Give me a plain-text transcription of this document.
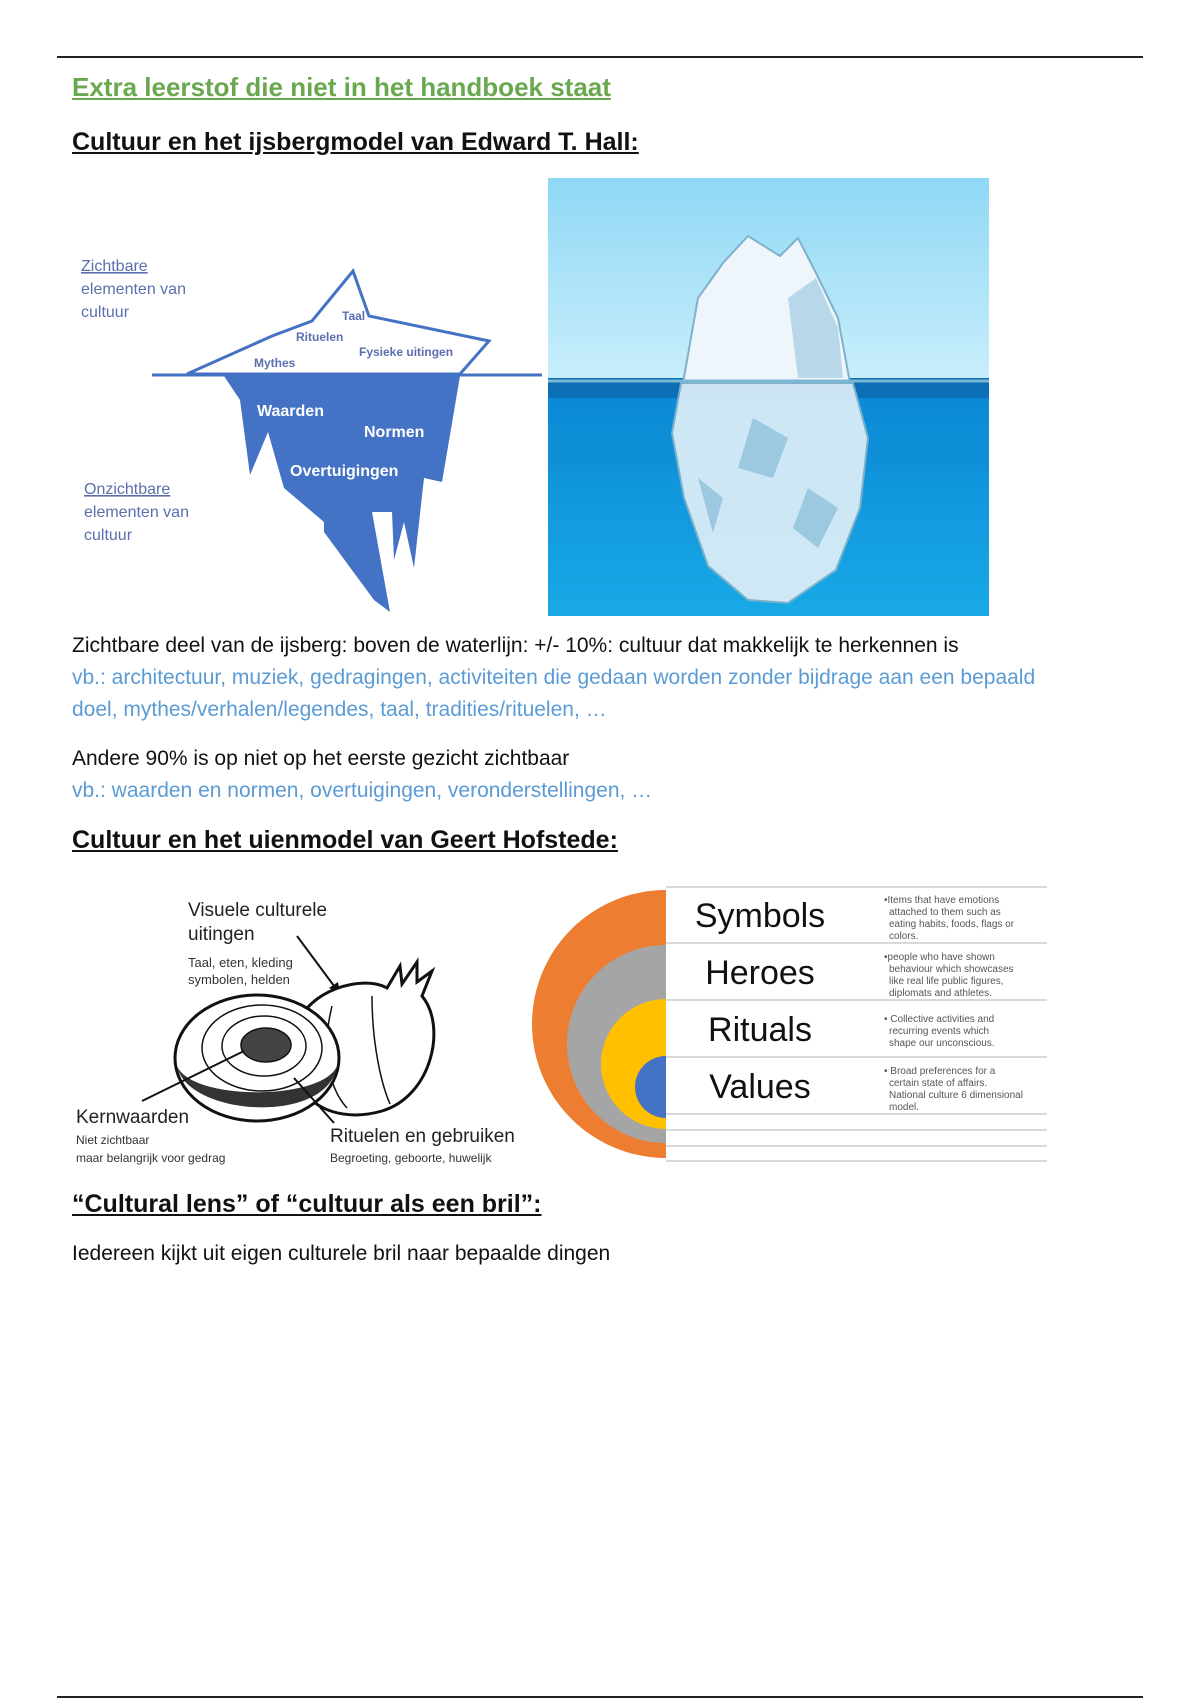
Extra leerstof die niet in het handboek staat
Cultuur en het ijsbergmodel van Edward T. Hall:
Zichtbare
elementen van
cultuur	Taal
Rituelen
Fysieke uitingen
Mythes
Waarden
Normen
Overtuigingen
Onzichtbare
elementen van
cultuur
Zichtbare deel van de ijsberg: boven de waterlijn: +/- 10%: cultuur dat makkelijk te herkennen is
vb.: architectuur, muziek, gedragingen, activiteiten die gedaan worden zonder bijdrage aan een bepaald
doel, mythes/verhalen/legendes, taal, tradities/rituelen, …
Andere 90% is op niet op het eerste gezicht zichtbaar
vb.: waarden en normen, overtuigingen, veronderstellingen, …
Cultuur en het uienmodel van Geert Hofstede:
Visuele culturele
uitingen
Taal, eten, kleding
symbolen, helden
Kernwaarden
Niet zichtbaar
maar belangrijk voor gedrag
Rituelen en gebruiken
Begroeting, geboorte, huwelijk
Symbols	•Items that have emotions
attached to them such as
eating habits, foods, flags or
colors.
Heroes	•people who have shown
behaviour which showcases
like real life public figures,
diplomats and athletes.
Rituals	• Collective activities and
recurring events which
shape our unconscious.
Values	• Broad preferences for a
certain state of affairs.
National culture 6 dimensional
model.
“Cultural lens” of “cultuur als een bril”:
Iedereen kijkt uit eigen culturele bril naar bepaalde dingen
